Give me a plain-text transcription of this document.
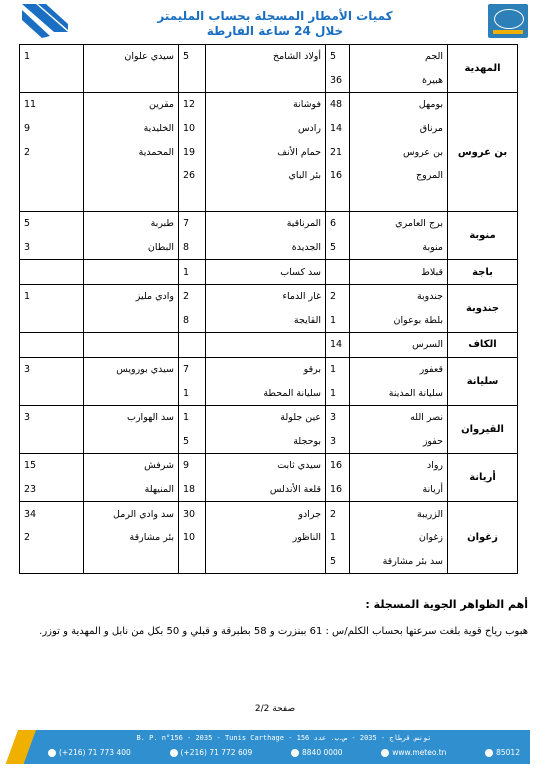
كميات الأمطار المسجلة بحساب المليمتر
خلال 24 ساعة الفارطة
1	سيدي علوان	5	أولاد الشامخ	5	الجم	المهدية
				36	هبيرة	
11	مقرين	12	فوشانة	48	بومهل	بن عروس
9	الخليدية	10	رادس	14	مرناق	
2	المحمدية	19	حمام الأنف	21	بن عروس	
		26	بئر الباي	16	المروج	

5	طبربة	7	المرناقية	6	برج العامري	منوبة
3	البطان	8	الجديدة	5	منوبة	
		1	سد كساب		قبلاط	باجة
1	وادي مليز	2	غار الدماء	2	جندوبة	جندوبة
		8	القايجة	1	بلطة بوعوان	
				14	السرس	الكاف
3	سيدي بورويس	7	برقو	1	قعفور	سليانة
		1	سليانة المحطة	1	سليانة المدينة	
3	سد الهوارب	1	عين جلولة	3	نصر الله	القيروان
		5	بوحجلة	3	حفوز	
15	شرفش	9	سيدي ثابت	16	رواد	أريانة
23	المنيهلة	18	قلعة الأندلس	16	أريانة	
34	سد وادي الرمل	30	جرادو	2	الزريبة	زغوان
2	بئر مشارقة	10	الناظور	1	زغوان	
				5	سد بئر مشارقة	
أهم الظواهر الجوية المسجلة :
هبوب رياح قوية بلغت سرعتها بحساب الكلم/س : 61 ببنزرت و 58 بطبرقة و قبلي و 50 بكل من نابل و المهدية و توزر.
صفحة 2/2
B. P. n°156 - 2035 - Tunis Carthage - تونس قرطاج - 2035 - ص.ب. عدد 156
(+216) 71 773 400	(+216) 71 772 609	8840 0000	www.meteo.tn	85012
